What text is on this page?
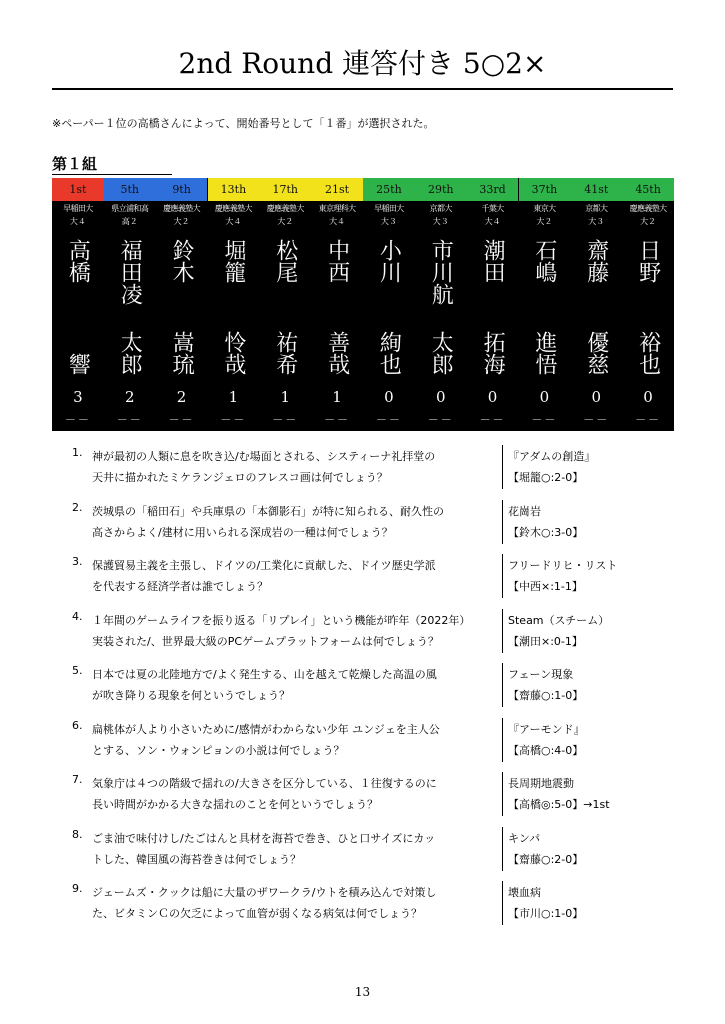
2nd Round 連答付き 5○2×
※ペーパー１位の高橋さんによって、開始番号として「１番」が選択された。
第１組
1st
早稲田大
大４
高橋
響
3
－－
5th
県立浦和高
高２
福田凌
太郎
2
－－
9th
慶應義塾大
大２
鈴木
嵩琉
2
－－
13th
慶應義塾大
大４
堀籠
怜哉
1
－－
17th
慶應義塾大
大２
松尾
祐希
1
－－
21st
東京理科大
大４
中西
善哉
1
－－
25th
早稲田大
大３
小川
絢也
0
－－
29th
京都大
大３
市川航
太郎
0
－－
33rd
千葉大
大４
潮田
拓海
0
－－
37th
東京大
大２
石嶋
進悟
0
－－
41st
京都大
大３
齋藤
優慈
0
－－
45th
慶應義塾大
大２
日野
裕也
0
－－
1. 神が最初の人類に息を吹き込/む場面とされる、システィーナ礼拝堂の
天井に描かれたミケランジェロのフレスコ画は何でしょう？
『アダムの創造』
【堀籠○:2-0】
2. 茨城県の「稲田石」や兵庫県の「本御影石」が特に知られる、耐久性の
高さからよく/建材に用いられる深成岩の一種は何でしょう？
花崗岩
【鈴木○:3-0】
3. 保護貿易主義を主張し、ドイツの/工業化に貢献した、ドイツ歴史学派
を代表する経済学者は誰でしょう？
フリードリヒ・リスト
【中西×:1-1】
4. １年間のゲームライフを振り返る「リプレイ」という機能が昨年（2022年）
実装された/、世界最大級のPCゲームプラットフォームは何でしょう？
Steam（スチーム）
【潮田×:0-1】
5. 日本では夏の北陸地方で/よく発生する、山を越えて乾燥した高温の風
が吹き降りる現象を何というでしょう？
フェーン現象
【齋藤○:1-0】
6. 扁桃体が人より小さいために/感情がわからない少年 ユンジェを主人公
とする、ソン・ウォンピョンの小説は何でしょう？
『アーモンド』
【高橋○:4-0】
7. 気象庁は４つの階級で揺れの/大きさを区分している、１往復するのに
長い時間がかかる大きな揺れのことを何というでしょう？
長周期地震動
【高橋◎:5-0】→1st
8. ごま油で味付けし/たごはんと具材を海苔で巻き、ひと口サイズにカッ
トした、韓国風の海苔巻きは何でしょう？
キンパ
【齋藤○:2-0】
9. ジェームズ・クックは船に大量のザワークラ/ウトを積み込んで対策し
た、ビタミンＣの欠乏によって血管が弱くなる病気は何でしょう？
壊血病
【市川○:1-0】
13
